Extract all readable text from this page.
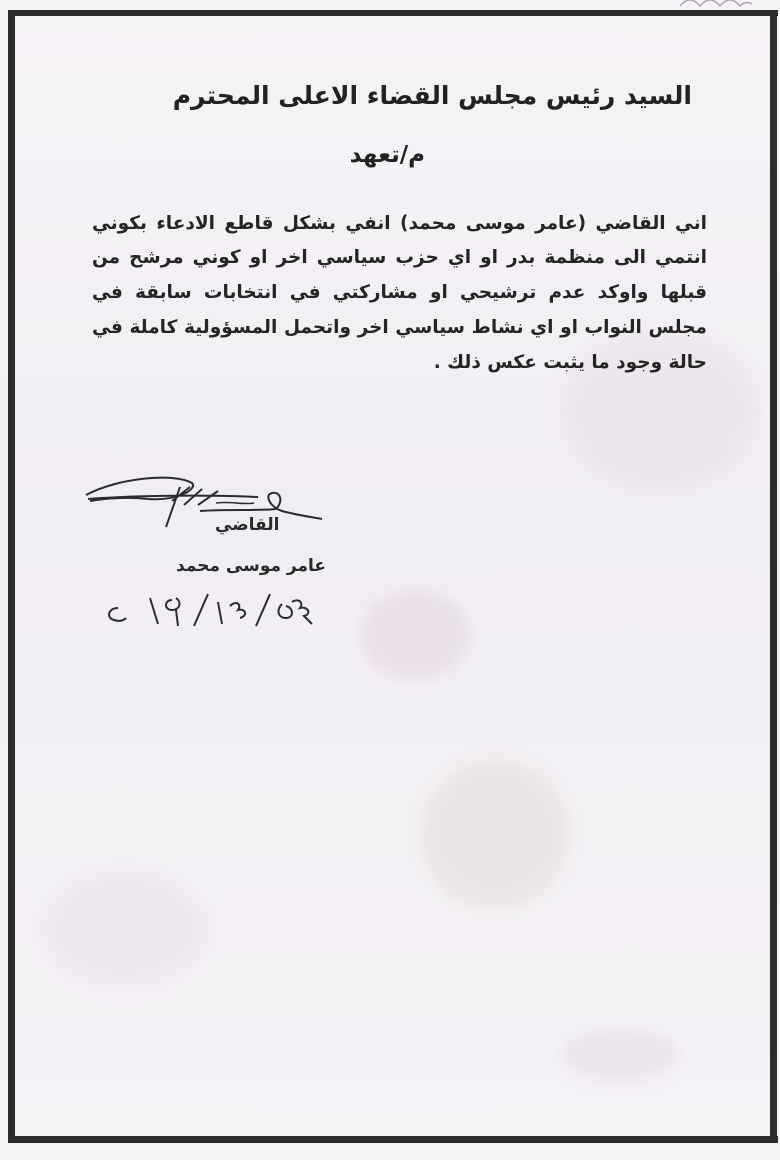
السيد رئيس مجلس القضاء الاعلى المحترم
م/تعهد

اني القاضي (عامر موسى محمد) انفي بشكل قاطع الادعاء بكوني انتمي الى منظمة بدر او اي حزب سياسي اخر او كوني مرشح من قبلها واوكد عدم ترشيحي او مشاركتي في انتخابات سابقة في مجلس النواب او اي نشاط سياسي اخر واتحمل المسؤولية كاملة في حالة وجود ما يثبت عكس ذلك .

القاضي

عامر موسى محمد
